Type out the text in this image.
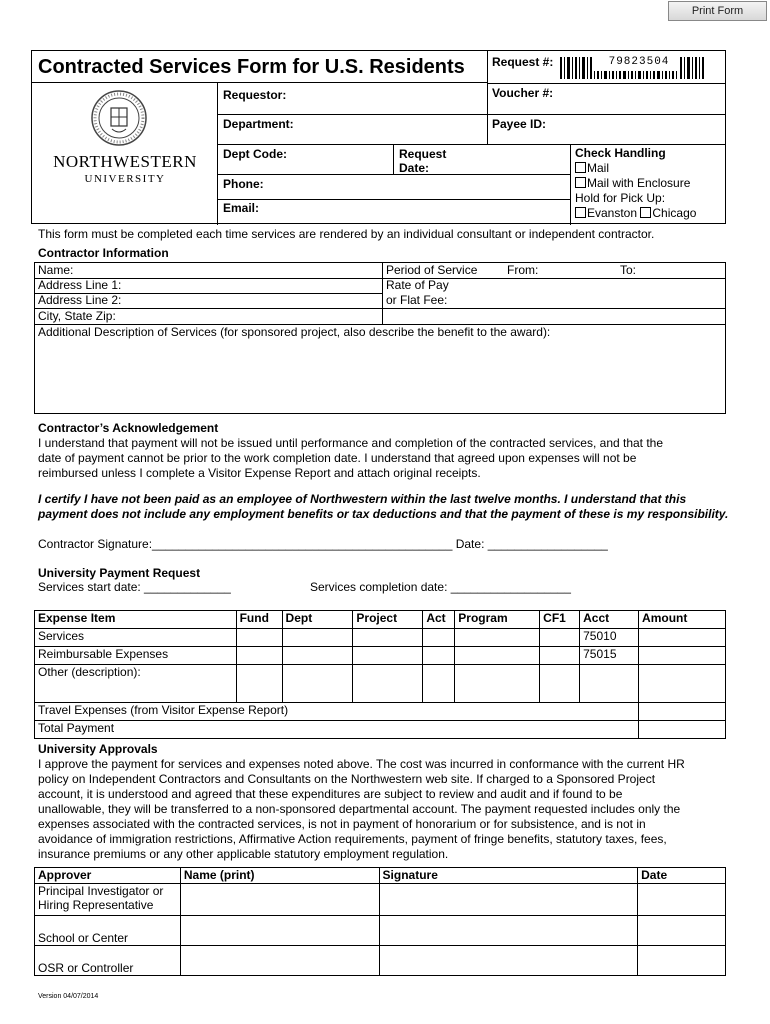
Print Form
Contracted Services Form for U.S. Residents Request #:	79823504
Voucher #:
Payee ID:
Requestor:
Department:
Dept Code:	Request
Date:
Phone:
Email:
Check Handling
Mail
Mail with Enclosure
Hold for Pick Up:
Evanston Chicago
NORTHWESTERN
UNIVERSITY
This form must be completed each time services are rendered by an individual consultant or independent contractor.
Contractor Information
Name:
Address Line 1:
Address Line 2:
City, State Zip:
Period of Service From:	To:
Rate of Pay
or Flat Fee:
Additional Description of Services (for sponsored project, also describe the benefit to the award):
Contractor’s Acknowledgement
I understand that payment will not be issued until performance and completion of the contracted services, and that the
date of payment cannot be prior to the work completion date. I understand that agreed upon expenses will not be
reimbursed unless I complete a Visitor Expense Report and attach original receipts.
I certify I have not been paid as an employee of Northwestern within the last twelve months. I understand that this
payment does not include any employment benefits or tax deductions and that the payment of these is my responsibility.
Contractor Signature:_____________________________________________ Date: __________________
University Payment Request
Services start date: _____________	Services completion date: __________________
Expense Item	Fund	Dept	Project	Act	Program	CF1	Acct	Amount
Services							75010	
Reimbursable Expenses							75015	
Other (description):								
Travel Expenses (from Visitor Expense Report)								
Total Payment								
University Approvals
I approve the payment for services and expenses noted above. The cost was incurred in conformance with the current HR
policy on Independent Contractors and Consultants on the Northwestern web site. If charged to a Sponsored Project
account, it is understood and agreed that these expenditures are subject to review and audit and if found to be
unallowable, they will be transferred to a non-sponsored departmental account. The payment requested includes only the
expenses associated with the contracted services, is not in payment of honorarium or for subsistence, and is not in
avoidance of immigration restrictions, Affirmative Action requirements, payment of fringe benefits, statutory taxes, fees,
insurance premiums or any other applicable statutory employment regulation.
Approver	Name (print)	Signature	Date

Principal Investigator or
Hiring Representative			

School or Center			
OSR or Controller			
Version 04/07/2014
